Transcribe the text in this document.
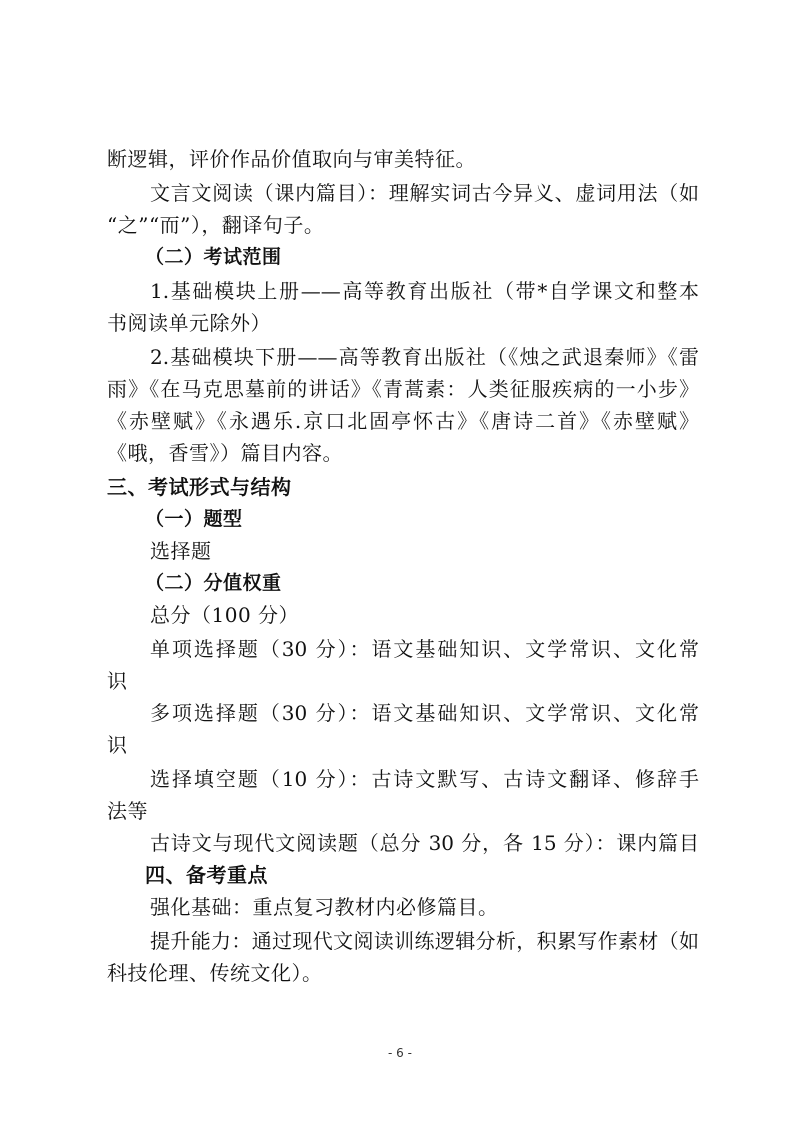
断逻辑，评价作品价值取向与审美特征。
文言文阅读（课内篇目）：理解实词古今异义、虚词用法（如
“之”“而”），翻译句子。
（二）考试范围
1.基础模块上册——高等教育出版社（带*自学课文和整本
书阅读单元除外）
2.基础模块下册——高等教育出版社（《烛之武退秦师》《雷
雨》《在马克思墓前的讲话》《青蒿素：人类征服疾病的一小步》
《赤壁赋》《永遇乐.京口北固亭怀古》《唐诗二首》《赤壁赋》
《哦，香雪》）篇目内容。
三、考试形式与结构
（一）题型
选择题
（二）分值权重
总分（100 分）
单项选择题（30 分）：语文基础知识、文学常识、文化常
识
多项选择题（30 分）：语文基础知识、文学常识、文化常
识
选择填空题（10 分）：古诗文默写、古诗文翻译、修辞手
法等
古诗文与现代文阅读题（总分 30 分，各 15 分）：课内篇目
四、备考重点
强化基础：重点复习教材内必修篇目。
提升能力：通过现代文阅读训练逻辑分析，积累写作素材（如
科技伦理、传统文化）。
- 6 -
